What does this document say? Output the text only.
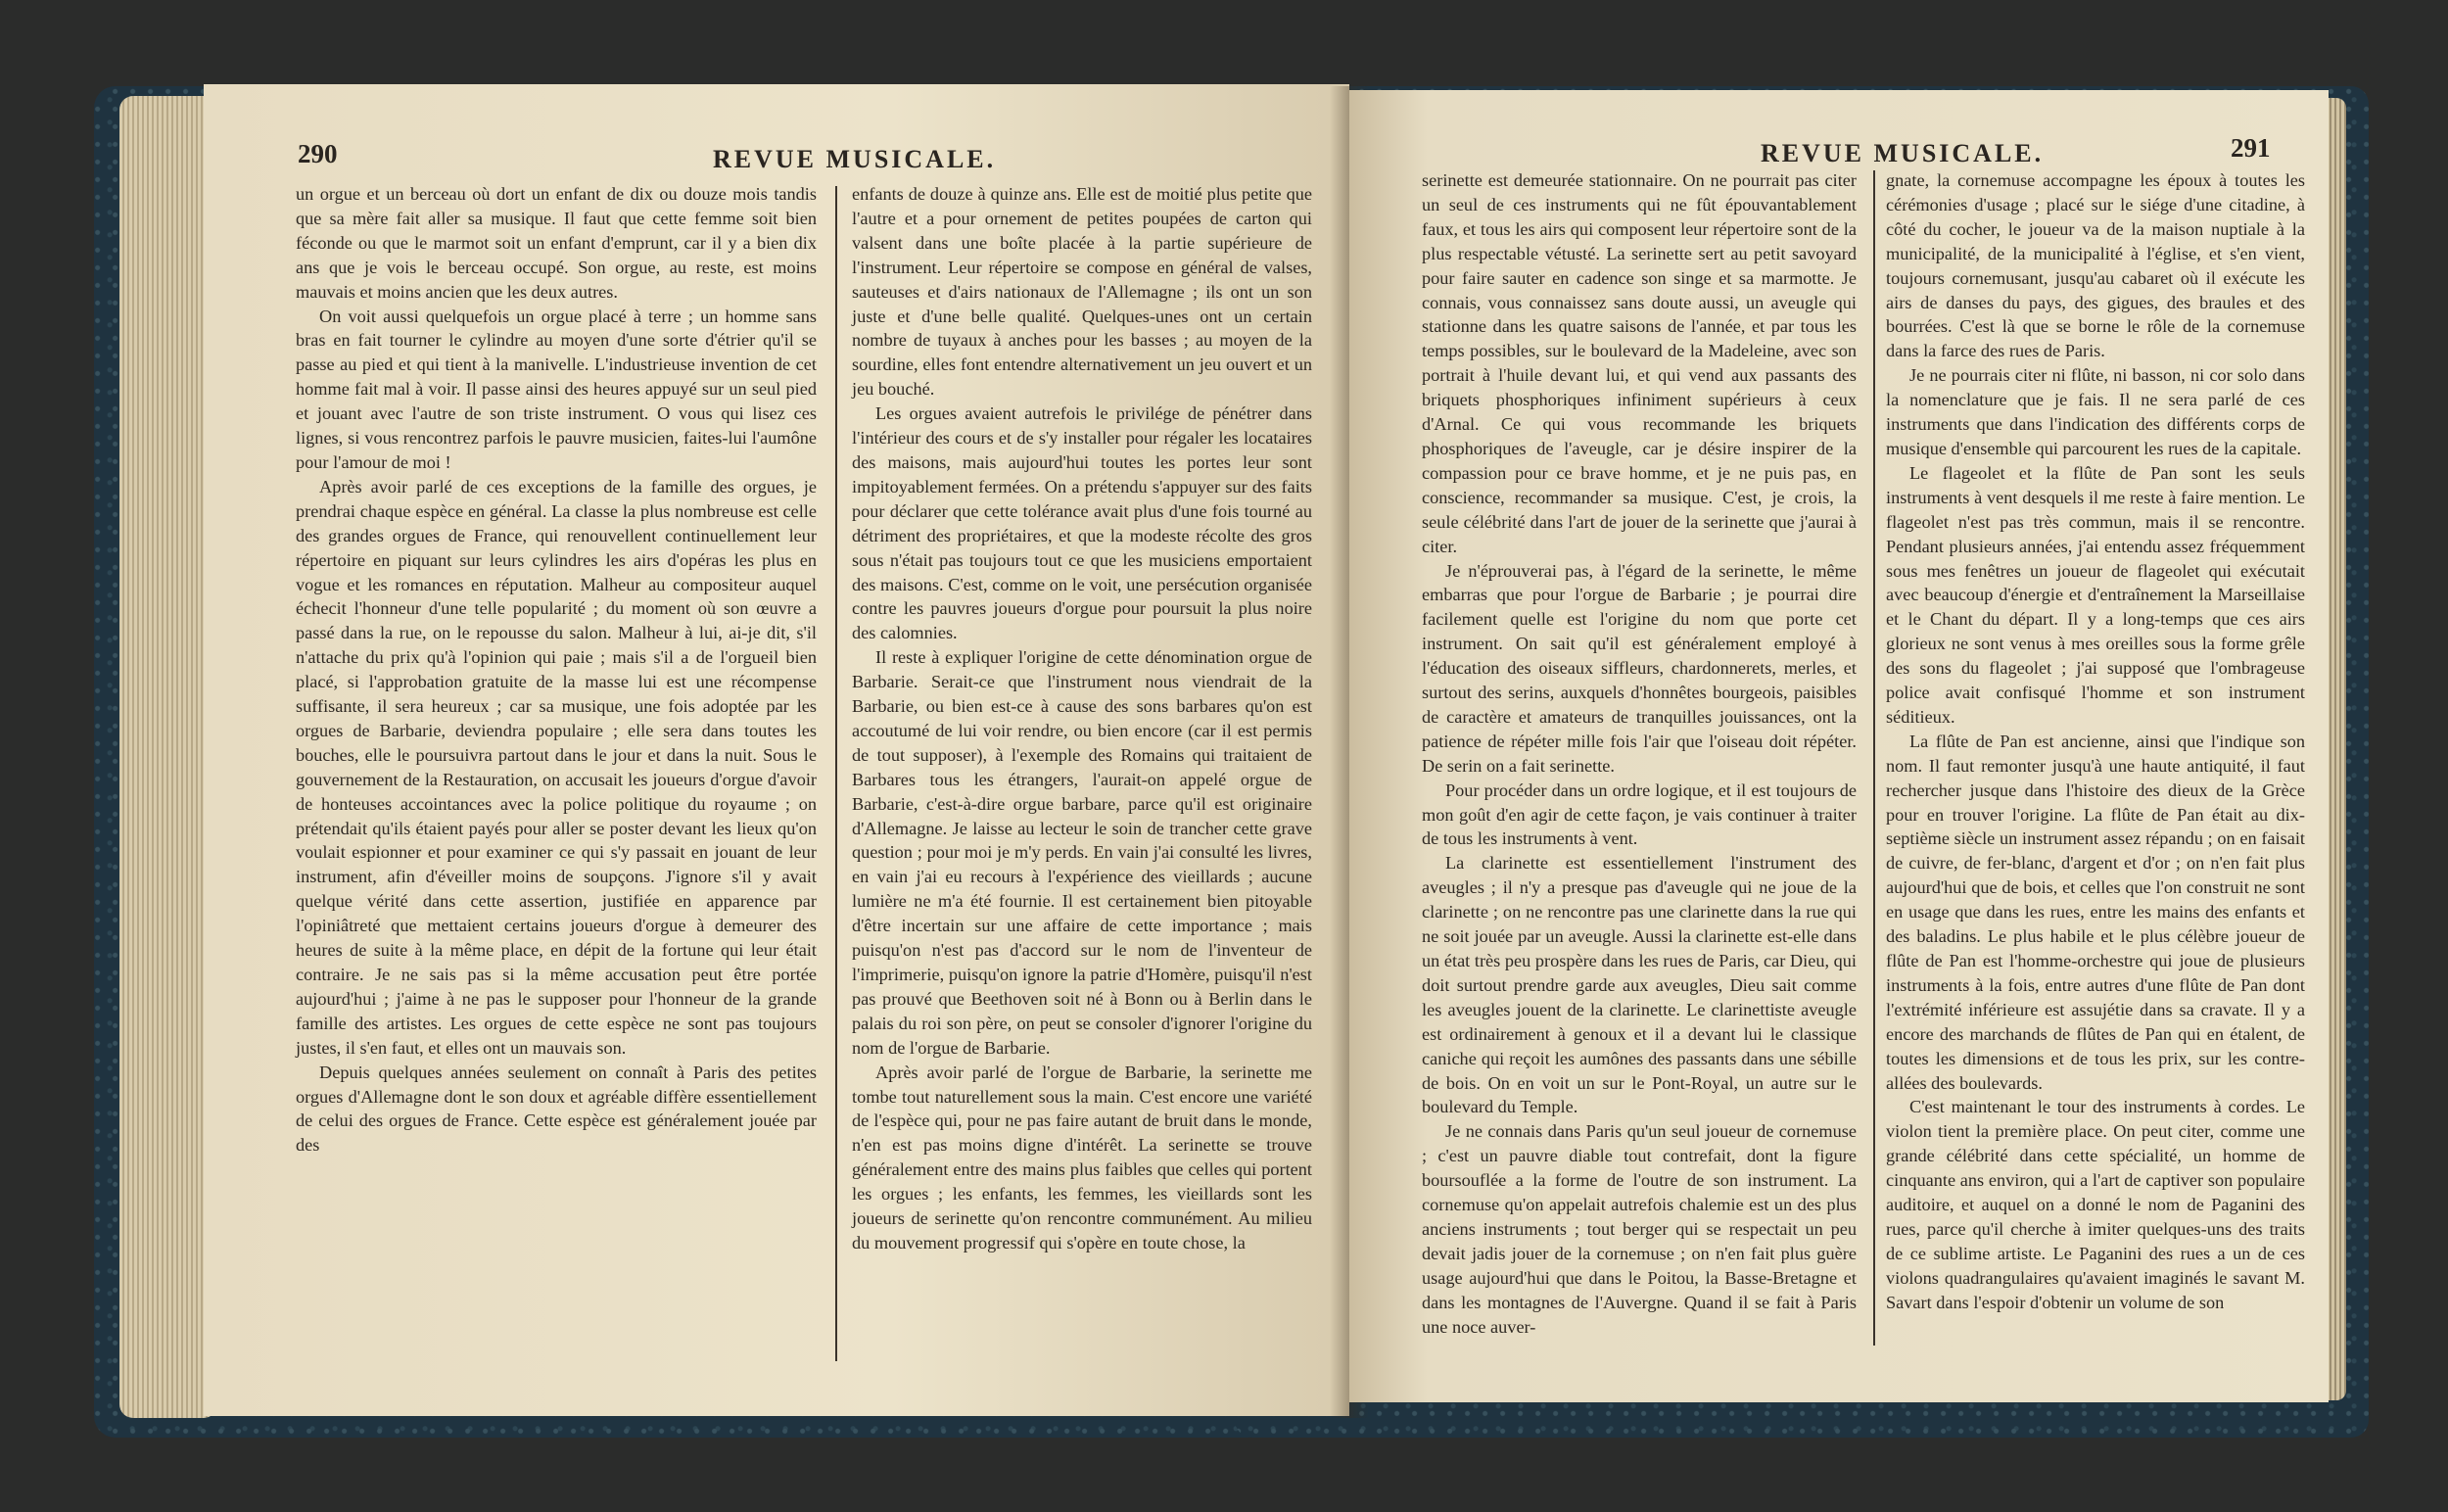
290	REVUE MUSICALE.

un orgue et un berceau où dort un enfant de dix ou douze mois tandis que sa mère fait aller sa musique. Il faut que cette femme soit bien féconde ou que le marmot soit un enfant d'emprunt, car il y a bien dix ans que je vois le berceau occupé. Son orgue, au reste, est moins mauvais et moins ancien que les deux autres.

On voit aussi quelquefois un orgue placé à terre ; un homme sans bras en fait tourner le cylindre au moyen d'une sorte d'étrier qu'il se passe au pied et qui tient à la manivelle. L'industrieuse invention de cet homme fait mal à voir. Il passe ainsi des heures appuyé sur un seul pied et jouant avec l'autre de son triste instrument. O vous qui lisez ces lignes, si vous rencontrez parfois le pauvre musicien, faites-lui l'aumône pour l'amour de moi !

Après avoir parlé de ces exceptions de la famille des orgues, je prendrai chaque espèce en général. La classe la plus nombreuse est celle des grandes orgues de France, qui renouvellent continuellement leur répertoire en piquant sur leurs cylindres les airs d'opéras les plus en vogue et les romances en réputation. Malheur au compositeur auquel échecit l'honneur d'une telle popularité ; du moment où son œuvre a passé dans la rue, on le repousse du salon. Malheur à lui, ai-je dit, s'il n'attache du prix qu'à l'opinion qui paie ; mais s'il a de l'orgueil bien placé, si l'approbation gratuite de la masse lui est une récompense suffisante, il sera heureux ; car sa musique, une fois adoptée par les orgues de Barbarie, deviendra populaire ; elle sera dans toutes les bouches, elle le poursuivra partout dans le jour et dans la nuit. Sous le gouvernement de la Restauration, on accusait les joueurs d'orgue d'avoir de honteuses accointances avec la police politique du royaume ; on prétendait qu'ils étaient payés pour aller se poster devant les lieux qu'on voulait espionner et pour examiner ce qui s'y passait en jouant de leur instrument, afin d'éveiller moins de soupçons. J'ignore s'il y avait quelque vérité dans cette assertion, justifiée en apparence par l'opiniâtreté que mettaient certains joueurs d'orgue à demeurer des heures de suite à la même place, en dépit de la fortune qui leur était contraire. Je ne sais pas si la même accusation peut être portée aujourd'hui ; j'aime à ne pas le supposer pour l'honneur de la grande famille des artistes. Les orgues de cette espèce ne sont pas toujours justes, il s'en faut, et elles ont un mauvais son.

Depuis quelques années seulement on connaît à Paris des petites orgues d'Allemagne dont le son doux et agréable diffère essentiellement de celui des orgues de France. Cette espèce est généralement jouée par des

enfants de douze à quinze ans. Elle est de moitié plus petite que l'autre et a pour ornement de petites poupées de carton qui valsent dans une boîte placée à la partie supérieure de l'instrument. Leur répertoire se compose en général de valses, sauteuses et d'airs nationaux de l'Allemagne ; ils ont un son juste et d'une belle qualité. Quelques-unes ont un certain nombre de tuyaux à anches pour les basses ; au moyen de la sourdine, elles font entendre alternativement un jeu ouvert et un jeu bouché.

Les orgues avaient autrefois le privilége de pénétrer dans l'intérieur des cours et de s'y installer pour régaler les locataires des maisons, mais aujourd'hui toutes les portes leur sont impitoyablement fermées. On a prétendu s'appuyer sur des faits pour déclarer que cette tolérance avait plus d'une fois tourné au détriment des propriétaires, et que la modeste récolte des gros sous n'était pas toujours tout ce que les musiciens emportaient des maisons. C'est, comme on le voit, une persécution organisée contre les pauvres joueurs d'orgue pour poursuit la plus noire des calomnies.

Il reste à expliquer l'origine de cette dénomination orgue de Barbarie. Serait-ce que l'instrument nous viendrait de la Barbarie, ou bien est-ce à cause des sons barbares qu'on est accoutumé de lui voir rendre, ou bien encore (car il est permis de tout supposer), à l'exemple des Romains qui traitaient de Barbares tous les étrangers, l'aurait-on appelé orgue de Barbarie, c'est-à-dire orgue barbare, parce qu'il est originaire d'Allemagne. Je laisse au lecteur le soin de trancher cette grave question ; pour moi je m'y perds. En vain j'ai consulté les livres, en vain j'ai eu recours à l'expérience des vieillards ; aucune lumière ne m'a été fournie. Il est certainement bien pitoyable d'être incertain sur une affaire de cette importance ; mais puisqu'on n'est pas d'accord sur le nom de l'inventeur de l'imprimerie, puisqu'on ignore la patrie d'Homère, puisqu'il n'est pas prouvé que Beethoven soit né à Bonn ou à Berlin dans le palais du roi son père, on peut se consoler d'ignorer l'origine du nom de l'orgue de Barbarie.

Après avoir parlé de l'orgue de Barbarie, la serinette me tombe tout naturellement sous la main. C'est encore une variété de l'espèce qui, pour ne pas faire autant de bruit dans le monde, n'en est pas moins digne d'intérêt. La serinette se trouve généralement entre des mains plus faibles que celles qui portent les orgues ; les enfants, les femmes, les vieillards sont les joueurs de serinette qu'on rencontre communément. Au milieu du mouvement progressif qui s'opère en toute chose, la

REVUE MUSICALE.	291

serinette est demeurée stationnaire. On ne pourrait pas citer un seul de ces instruments qui ne fût épouvantablement faux, et tous les airs qui composent leur répertoire sont de la plus respectable vétusté. La serinette sert au petit savoyard pour faire sauter en cadence son singe et sa marmotte. Je connais, vous connaissez sans doute aussi, un aveugle qui stationne dans les quatre saisons de l'année, et par tous les temps possibles, sur le boulevard de la Madeleine, avec son portrait à l'huile devant lui, et qui vend aux passants des briquets phosphoriques infiniment supérieurs à ceux d'Arnal. Ce qui vous recommande les briquets phosphoriques de l'aveugle, car je désire inspirer de la compassion pour ce brave homme, et je ne puis pas, en conscience, recommander sa musique. C'est, je crois, la seule célébrité dans l'art de jouer de la serinette que j'aurai à citer.

Je n'éprouverai pas, à l'égard de la serinette, le même embarras que pour l'orgue de Barbarie ; je pourrai dire facilement quelle est l'origine du nom que porte cet instrument. On sait qu'il est généralement employé à l'éducation des oiseaux siffleurs, chardonnerets, merles, et surtout des serins, auxquels d'honnêtes bourgeois, paisibles de caractère et amateurs de tranquilles jouissances, ont la patience de répéter mille fois l'air que l'oiseau doit répéter. De serin on a fait serinette.

Pour procéder dans un ordre logique, et il est toujours de mon goût d'en agir de cette façon, je vais continuer à traiter de tous les instruments à vent.

La clarinette est essentiellement l'instrument des aveugles ; il n'y a presque pas d'aveugle qui ne joue de la clarinette ; on ne rencontre pas une clarinette dans la rue qui ne soit jouée par un aveugle. Aussi la clarinette est-elle dans un état très peu prospère dans les rues de Paris, car Dieu, qui doit surtout prendre garde aux aveugles, Dieu sait comme les aveugles jouent de la clarinette. Le clarinettiste aveugle est ordinairement à genoux et il a devant lui le classique caniche qui reçoit les aumônes des passants dans une sébille de bois. On en voit un sur le Pont-Royal, un autre sur le boulevard du Temple.

Je ne connais dans Paris qu'un seul joueur de cornemuse ; c'est un pauvre diable tout contrefait, dont la figure boursouflée a la forme de l'outre de son instrument. La cornemuse qu'on appelait autrefois chalemie est un des plus anciens instruments ; tout berger qui se respectait un peu devait jadis jouer de la cornemuse ; on n'en fait plus guère usage aujourd'hui que dans le Poitou, la Basse-Bretagne et dans les montagnes de l'Auvergne. Quand il se fait à Paris une noce auver-

gnate, la cornemuse accompagne les époux à toutes les cérémonies d'usage ; placé sur le siége d'une citadine, à côté du cocher, le joueur va de la maison nuptiale à la municipalité, de la municipalité à l'église, et s'en vient, toujours cornemusant, jusqu'au cabaret où il exécute les airs de danses du pays, des gigues, des braules et des bourrées. C'est là que se borne le rôle de la cornemuse dans la farce des rues de Paris.

Je ne pourrais citer ni flûte, ni basson, ni cor solo dans la nomenclature que je fais. Il ne sera parlé de ces instruments que dans l'indication des différents corps de musique d'ensemble qui parcourent les rues de la capitale.

Le flageolet et la flûte de Pan sont les seuls instruments à vent desquels il me reste à faire mention. Le flageolet n'est pas très commun, mais il se rencontre. Pendant plusieurs années, j'ai entendu assez fréquemment sous mes fenêtres un joueur de flageolet qui exécutait avec beaucoup d'énergie et d'entraînement la Marseillaise et le Chant du départ. Il y a long-temps que ces airs glorieux ne sont venus à mes oreilles sous la forme grêle des sons du flageolet ; j'ai supposé que l'ombrageuse police avait confisqué l'homme et son instrument séditieux.

La flûte de Pan est ancienne, ainsi que l'indique son nom. Il faut remonter jusqu'à une haute antiquité, il faut rechercher jusque dans l'histoire des dieux de la Grèce pour en trouver l'origine. La flûte de Pan était au dix-septième siècle un instrument assez répandu ; on en faisait de cuivre, de fer-blanc, d'argent et d'or ; on n'en fait plus aujourd'hui que de bois, et celles que l'on construit ne sont en usage que dans les rues, entre les mains des enfants et des baladins. Le plus habile et le plus célèbre joueur de flûte de Pan est l'homme-orchestre qui joue de plusieurs instruments à la fois, entre autres d'une flûte de Pan dont l'extrémité inférieure est assujétie dans sa cravate. Il y a encore des marchands de flûtes de Pan qui en étalent, de toutes les dimensions et de tous les prix, sur les contre-allées des boulevards.

C'est maintenant le tour des instruments à cordes. Le violon tient la première place. On peut citer, comme une grande célébrité dans cette spécialité, un homme de cinquante ans environ, qui a l'art de captiver son populaire auditoire, et auquel on a donné le nom de Paganini des rues, parce qu'il cherche à imiter quelques-uns des traits de ce sublime artiste. Le Paganini des rues a un de ces violons quadrangulaires qu'avaient imaginés le savant M. Savart dans l'espoir d'obtenir un volume de son
